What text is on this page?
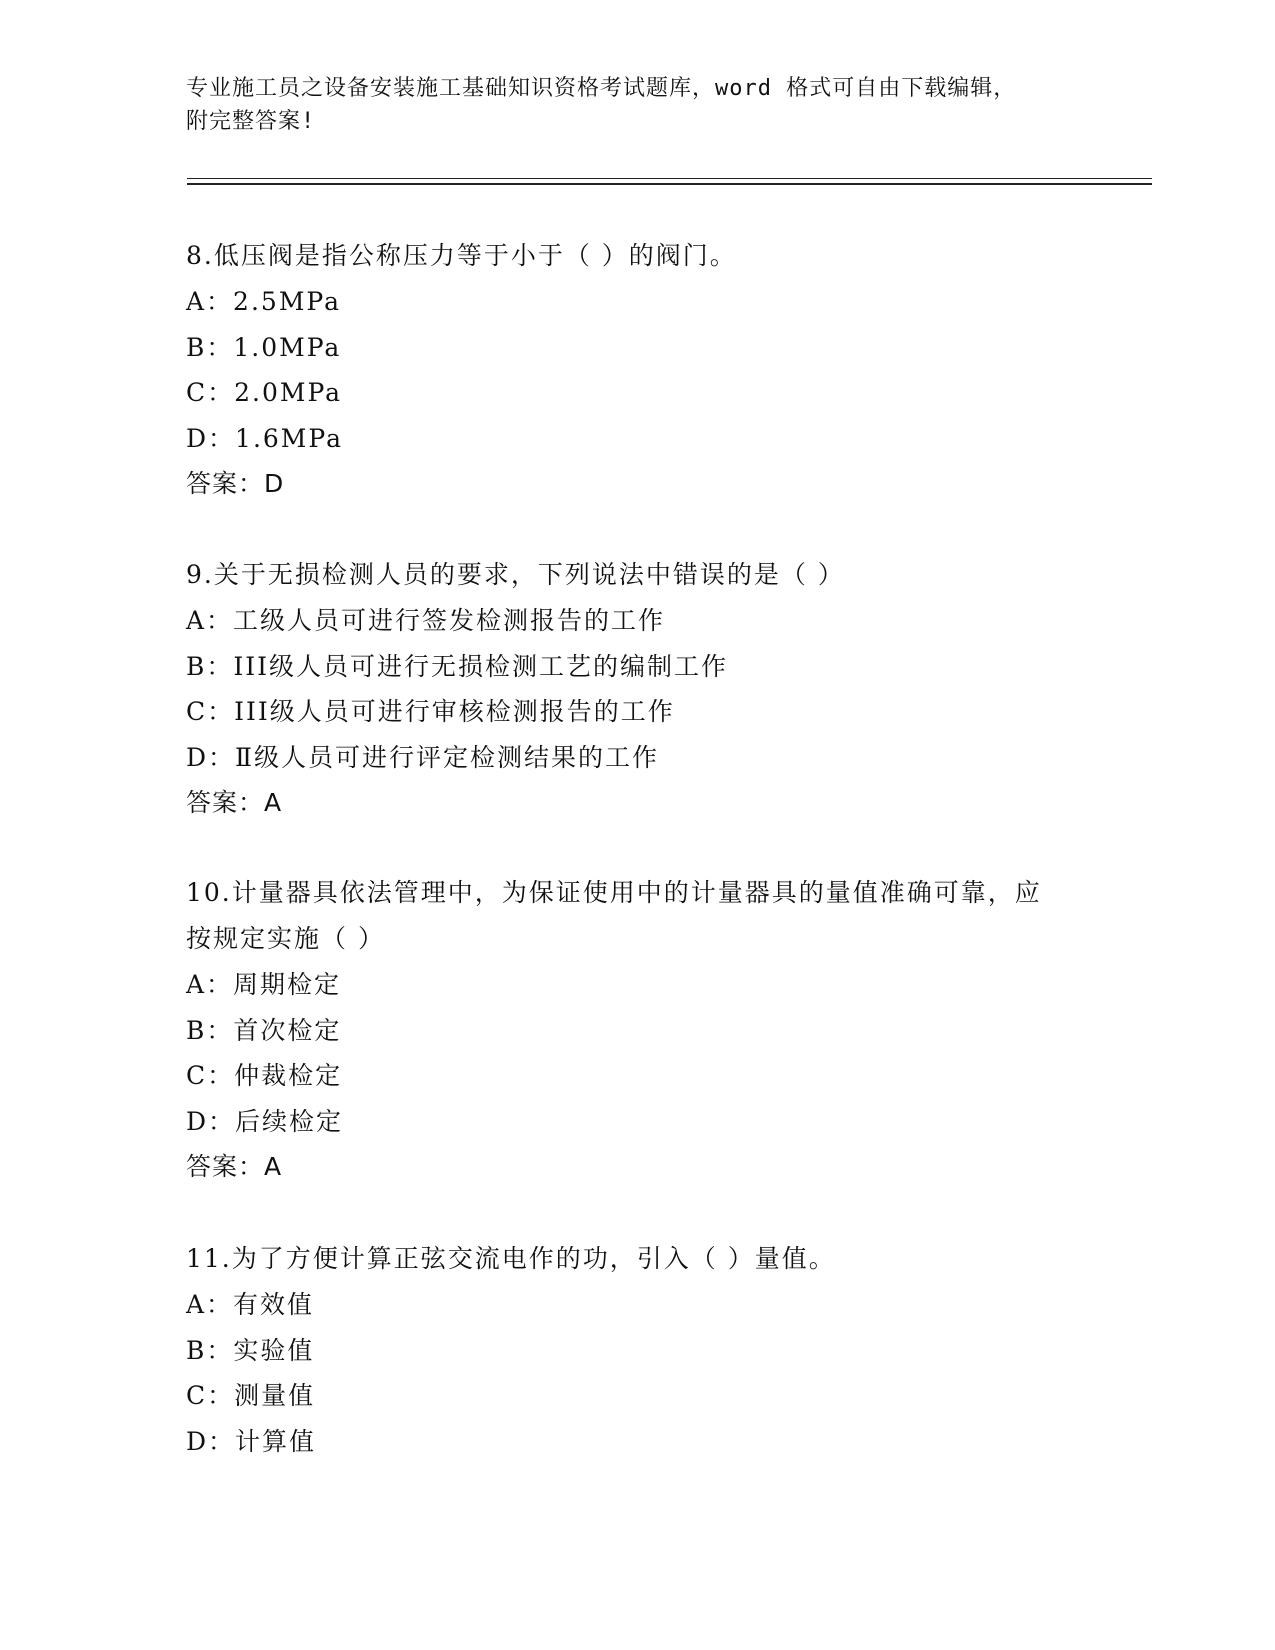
专业施工员之设备安装施工基础知识资格考试题库，word 格式可自由下载编辑，
附完整答案!
8.低压阀是指公称压力等于小于（ ）的阀门。
A：2.5MPa
B：1.0MPa
C：2.0MPa
D：1.6MPa
答案：D
9.关于无损检测人员的要求，下列说法中错误的是（ ）
A：工级人员可进行签发检测报告的工作
B：III级人员可进行无损检测工艺的编制工作
C：III级人员可进行审核检测报告的工作
D：Ⅱ级人员可进行评定检测结果的工作
答案：A
10.计量器具依法管理中，为保证使用中的计量器具的量值准确可靠，应按规定实施（ ）
A：周期检定
B：首次检定
C：仲裁检定
D：后续检定
答案：A
11.为了方便计算正弦交流电作的功，引入（ ）量值。
A：有效值
B：实验值
C：测量值
D：计算值
